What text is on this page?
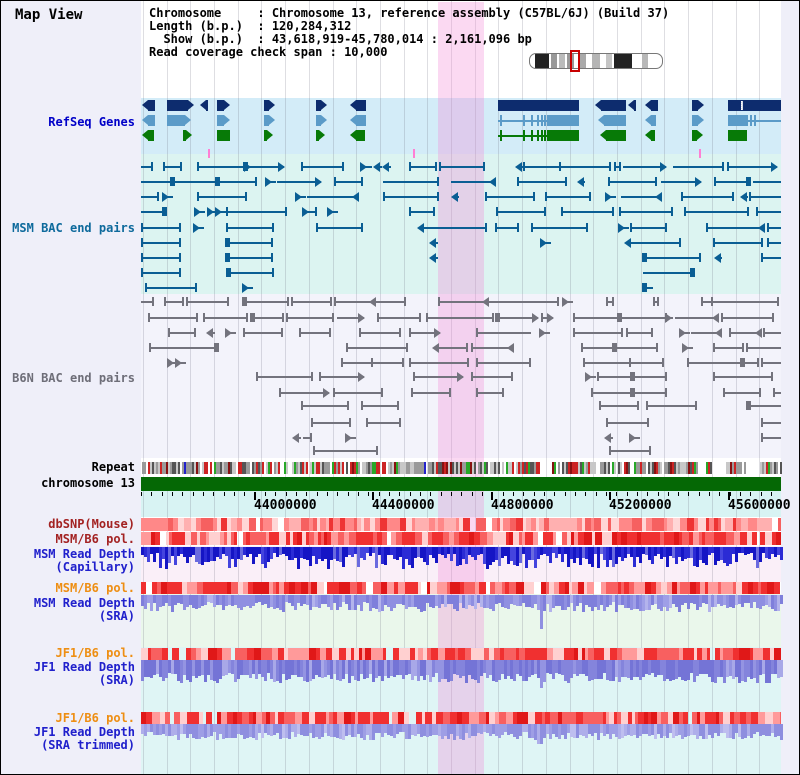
Map View	Chromosome     : Chromosome 13, reference assembly (C57BL/6J) (Build 37)
Length (b.p.)  : 120,284,312
Show (b.p.)  : 43,618,919-45,780,014 : 2,161,096 bp
Read coverage check span : 10,000
RefSeq Genes
MSM BAC end pairs
B6N BAC end pairs
Repeat
chromosome 13
dbSNP(Mouse)
MSM/B6 pol.
MSM Read Depth
(Capillary)
MSM/B6 pol.
MSM Read Depth
(SRA)
JF1/B6 pol.
JF1 Read Depth
(SRA)
JF1/B6 pol.
JF1 Read Depth
(SRA trimmed)
44000000	44400000	44800000	45200000	45600000
